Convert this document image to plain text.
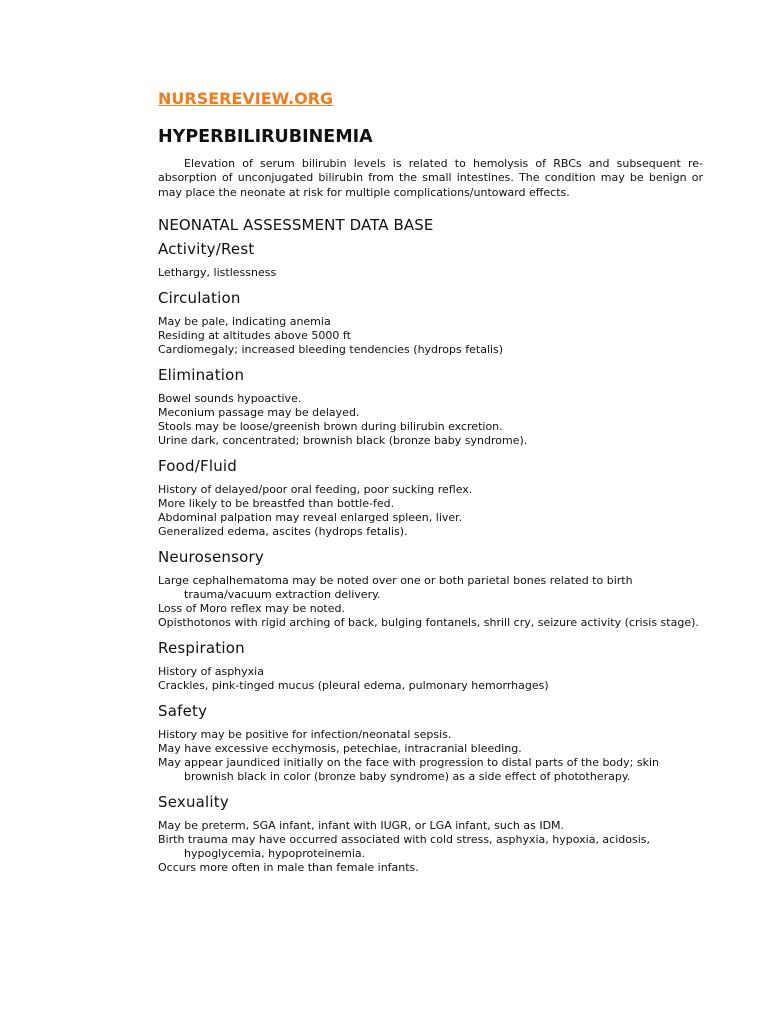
NURSEREVIEW.ORG
HYPERBILIRUBINEMIA

Elevation of serum bilirubin levels is related to hemolysis of RBCs and subsequent re-absorption of unconjugated bilirubin from the small intestines. The condition may be benign or may place the neonate at risk for multiple complications/untoward effects.

NEONATAL ASSESSMENT DATA BASE
Activity/Rest
Lethargy, listlessness
Circulation
May be pale, indicating anemia
Residing at altitudes above 5000 ft
Cardiomegaly; increased bleeding tendencies (hydrops fetalis)
Elimination
Bowel sounds hypoactive.
Meconium passage may be delayed.
Stools may be loose/greenish brown during bilirubin excretion.
Urine dark, concentrated; brownish black (bronze baby syndrome).
Food/Fluid
History of delayed/poor oral feeding, poor sucking reflex.
More likely to be breastfed than bottle-fed.
Abdominal palpation may reveal enlarged spleen, liver.
Generalized edema, ascites (hydrops fetalis).
Neurosensory
Large cephalhematoma may be noted over one or both parietal bones related to birth trauma/vacuum extraction delivery.
Loss of Moro reflex may be noted.
Opisthotonos with rigid arching of back, bulging fontanels, shrill cry, seizure activity (crisis stage).
Respiration
History of asphyxia
Crackles, pink-tinged mucus (pleural edema, pulmonary hemorrhages)
Safety
History may be positive for infection/neonatal sepsis.
May have excessive ecchymosis, petechiae, intracranial bleeding.
May appear jaundiced initially on the face with progression to distal parts of the body; skin brownish black in color (bronze baby syndrome) as a side effect of phototherapy.
Sexuality
May be preterm, SGA infant, infant with IUGR, or LGA infant, such as IDM.
Birth trauma may have occurred associated with cold stress, asphyxia, hypoxia, acidosis, hypoglycemia, hypoproteinemia.
Occurs more often in male than female infants.
